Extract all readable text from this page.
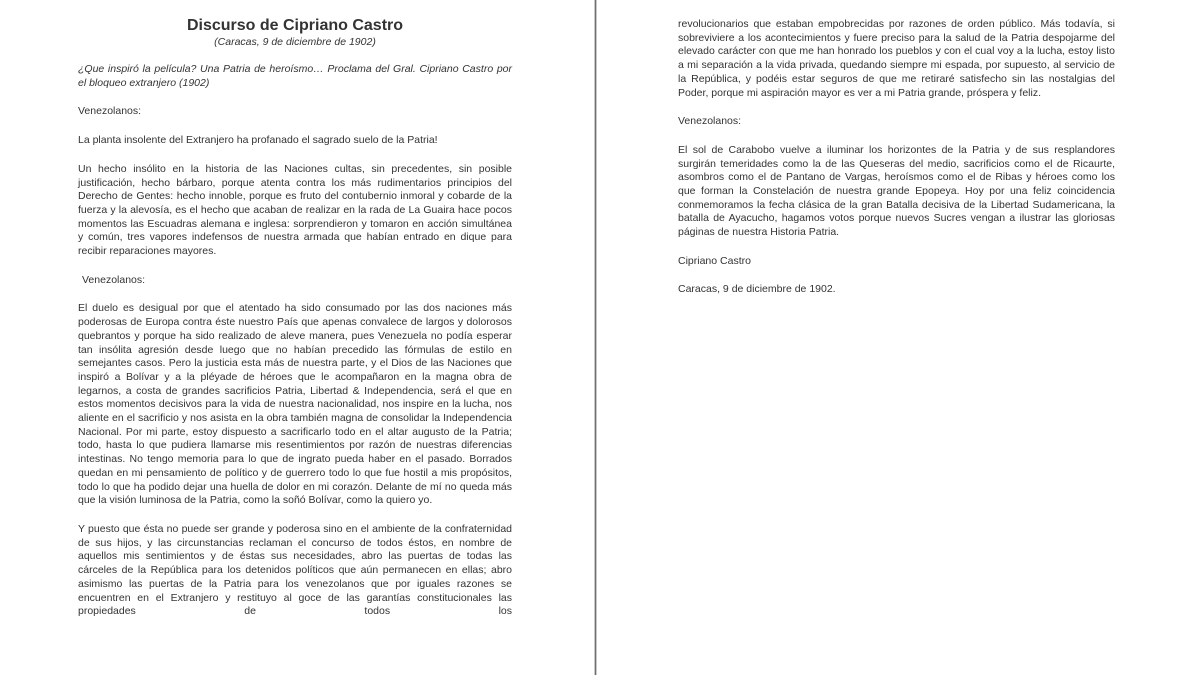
Discurso de Cipriano Castro
(Caracas, 9 de diciembre de 1902)

¿Que inspiró la película? Una Patria de heroísmo… Proclama del Gral. Cipriano Castro por el bloqueo extranjero (1902)

Venezolanos:

La planta insolente del Extranjero ha profanado el sagrado suelo de la Patria!

Un hecho insólito en la historia de las Naciones cultas, sin precedentes, sin posible justificación, hecho bárbaro, porque atenta contra los más rudimentarios principios del Derecho de Gentes: hecho innoble, porque es fruto del contubernio inmoral y cobarde de la fuerza y la alevosía, es el hecho que acaban de realizar en la rada de La Guaira hace pocos momentos las Escuadras alemana e inglesa: sorprendieron y tomaron en acción simultánea y común, tres vapores indefensos de nuestra armada que habían entrado en dique para recibir reparaciones mayores.

Venezolanos:

El duelo es desigual por que el atentado ha sido consumado por las dos naciones más poderosas de Europa contra éste nuestro País que apenas convalece de largos y dolorosos quebrantos y porque ha sido realizado de aleve manera, pues Venezuela no podía esperar tan insólita agresión desde luego que no habían precedido las fórmulas de estilo en semejantes casos. Pero la justicia esta más de nuestra parte, y el Dios de las Naciones que inspiró a Bolívar y a la pléyade de héroes que le acompañaron en la magna obra de legarnos, a costa de grandes sacrificios Patria, Libertad & Independencia, será el que en estos momentos decisivos para la vida de nuestra nacionalidad, nos inspire en la lucha, nos aliente en el sacrificio y nos asista en la obra también magna de consolidar la Independencia Nacional. Por mi parte, estoy dispuesto a sacrificarlo todo en el altar augusto de la Patria; todo, hasta lo que pudiera llamarse mis resentimientos por razón de nuestras diferencias intestinas. No tengo memoria para lo que de ingrato pueda haber en el pasado. Borrados quedan en mi pensamiento de político y de guerrero todo lo que fue hostil a mis propósitos, todo lo que ha podido dejar una huella de dolor en mi corazón. Delante de mí no queda más que la visión luminosa de la Patria, como la soñó Bolívar, como la quiero yo.

Y puesto que ésta no puede ser grande y poderosa sino en el ambiente de la confraternidad de sus hijos, y las circunstancias reclaman el concurso de todos éstos, en nombre de aquellos mis sentimientos y de éstas sus necesidades, abro las puertas de todas las cárceles de la República para los detenidos políticos que aún permanecen en ellas; abro asimismo las puertas de la Patria para los venezolanos que por iguales razones se encuentren en el Extranjero y restituyo al goce de las garantías constitucionales las propiedades de todos los

revolucionarios que estaban empobrecidas por razones de orden público. Más todavía, si sobreviviere a los acontecimientos y fuere preciso para la salud de la Patria despojarme del elevado carácter con que me han honrado los pueblos y con el cual voy a la lucha, estoy listo a mi separación a la vida privada, quedando siempre mi espada, por supuesto, al servicio de la República, y podéis estar seguros de que me retiraré satisfecho sin las nostalgias del Poder, porque mi aspiración mayor es ver a mi Patria grande, próspera y feliz.

Venezolanos:

El sol de Carabobo vuelve a iluminar los horizontes de la Patria y de sus resplandores surgirán temeridades como la de las Queseras del medio, sacrificios como el de Ricaurte, asombros como el de Pantano de Vargas, heroísmos como el de Ribas y héroes como los que forman la Constelación de nuestra grande Epopeya. Hoy por una feliz coincidencia conmemoramos la fecha clásica de la gran Batalla decisiva de la Libertad Sudamericana, la batalla de Ayacucho, hagamos votos porque nuevos Sucres vengan a ilustrar las gloriosas páginas de nuestra Historia Patria.

Cipriano Castro

Caracas, 9 de diciembre de 1902.
